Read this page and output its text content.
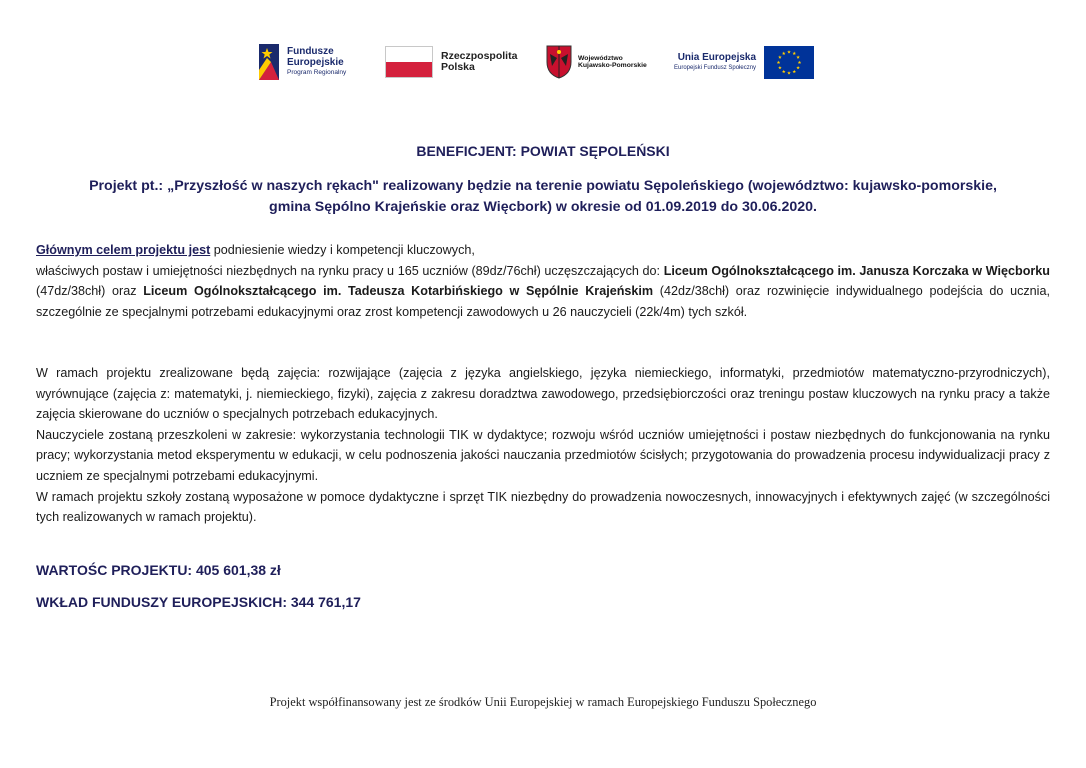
Fundusze
Europejskie
Program Regionalny
Rzeczpospolita
Polska
Województwo
Kujawsko-Pomorskie
Unia Europejska
Europejski Fundusz Społeczny
BENEFICJENT: POWIAT SĘPOLEŃSKI
Projekt pt.: „Przyszłość w naszych rękach" realizowany będzie na terenie powiatu Sępoleńskiego (województwo: kujawsko-pomorskie,
gmina Sępólno Krajeńskie oraz Więcbork) w okresie od 01.09.2019 do 30.06.2020.
Głównym celem projektu jest podniesienie wiedzy i kompetencji kluczowych,
właściwych postaw i umiejętności niezbędnych na rynku pracy u 165 uczniów (89dz/76chł) uczęszczających do: Liceum Ogólnokształcącego im. Janusza Korczaka w Więcborku (47dz/38chł) oraz Liceum Ogólnokształcącego im. Tadeusza Kotarbińskiego w Sępólnie Krajeńskim (42dz/38chł) oraz rozwinięcie indywidualnego podejścia do ucznia, szczególnie ze specjalnymi potrzebami edukacyjnymi oraz zrost kompetencji zawodowych u 26 nauczycieli (22k/4m) tych szkół.
W ramach projektu zrealizowane będą zajęcia: rozwijające (zajęcia z języka angielskiego, języka niemieckiego, informatyki, przedmiotów matematyczno-przyrodniczych), wyrównujące (zajęcia z: matematyki, j. niemieckiego, fizyki), zajęcia z zakresu doradztwa zawodowego, przedsiębiorczości oraz treningu postaw kluczowych na rynku pracy a także zajęcia skierowane do uczniów o specjalnych potrzebach edukacyjnych.
Nauczyciele zostaną przeszkoleni w zakresie: wykorzystania technologii TIK w dydaktyce; rozwoju wśród uczniów umiejętności i postaw niezbędnych do funkcjonowania na rynku pracy; wykorzystania metod eksperymentu w edukacji, w celu podnoszenia jakości nauczania przedmiotów ścisłych; przygotowania do prowadzenia procesu indywidualizacji pracy z uczniem ze specjalnymi potrzebami edukacyjnymi.
W ramach projektu szkoły zostaną wyposażone w pomoce dydaktyczne i sprzęt TIK niezbędny do prowadzenia nowoczesnych, innowacyjnych i efektywnych zajęć (w szczególności tych realizowanych w ramach projektu).
WARTOŚC PROJEKTU: 405 601,38 zł
WKŁAD FUNDUSZY EUROPEJSKICH: 344 761,17
Projekt współfinansowany jest ze środków Unii Europejskiej w ramach Europejskiego Funduszu Społecznego
